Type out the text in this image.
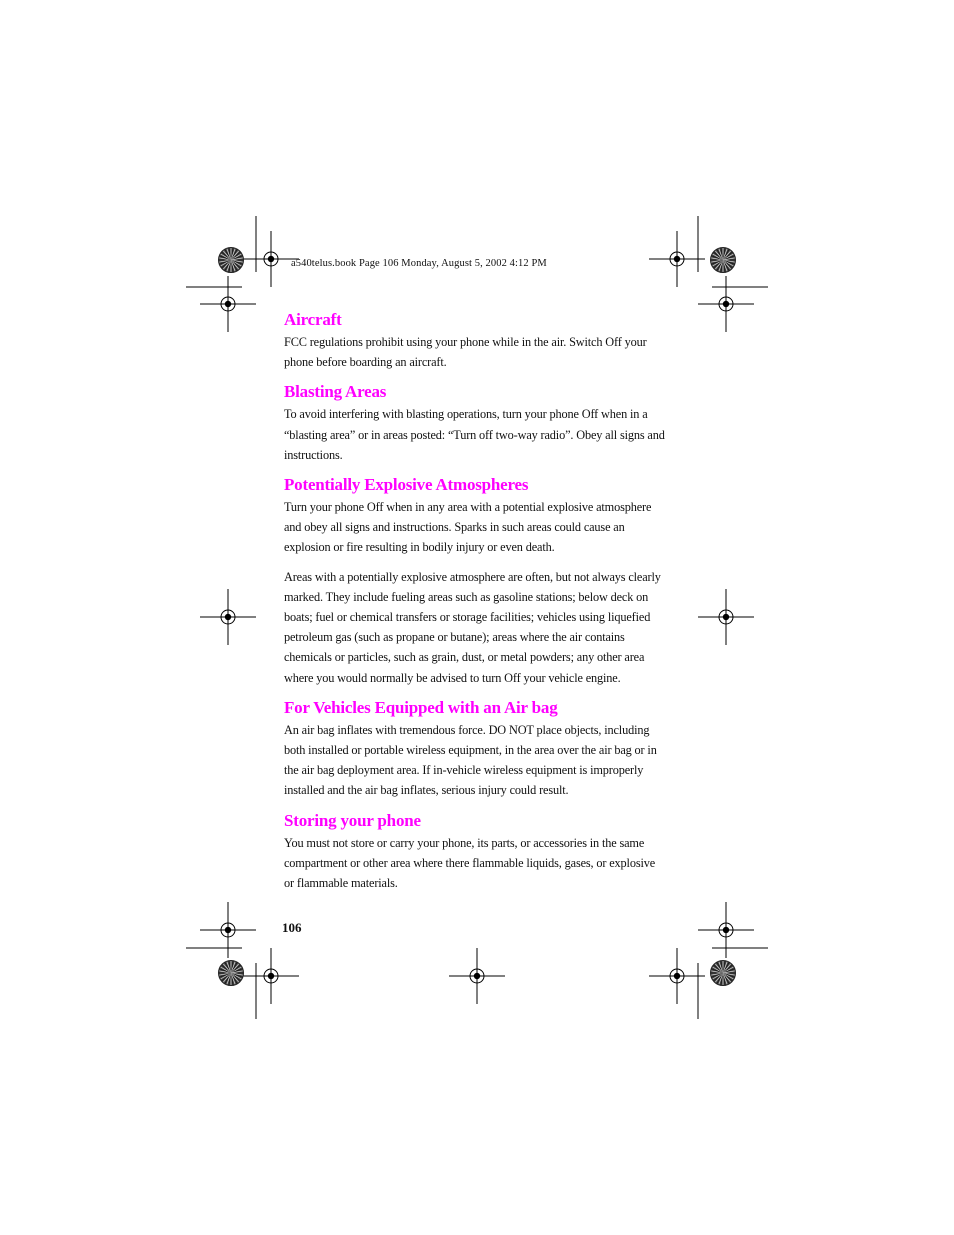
a540telus.book Page 106 Monday, August 5, 2002 4:12 PM
Aircraft

FCC regulations prohibit using your phone while in the air. Switch Off your phone before boarding an aircraft.

Blasting Areas

To avoid interfering with blasting operations, turn your phone Off when in a “blasting area” or in areas posted: “Turn off two-way radio”. Obey all signs and instructions.

Potentially Explosive Atmospheres

Turn your phone Off when in any area with a potential explosive atmosphere and obey all signs and instructions. Sparks in such areas could cause an explosion or fire resulting in bodily injury or even death.

Areas with a potentially explosive atmosphere are often, but not always clearly marked. They include fueling areas such as gasoline stations; below deck on boats; fuel or chemical transfers or storage facilities; vehicles using liquefied petroleum gas (such as propane or butane); areas where the air contains chemicals or particles, such as grain, dust, or metal powders; any other area where you would normally be advised to turn Off your vehicle engine.

For Vehicles Equipped with an Air bag

An air bag inflates with tremendous force. DO NOT place objects, including both installed or portable wireless equipment, in the area over the air bag or in the air bag deployment area. If in-vehicle wireless equipment is improperly installed and the air bag inflates, serious injury could result.

Storing your phone

You must not store or carry your phone, its parts, or accessories in the same compartment or other area where there flammable liquids, gases, or explosive or flammable materials.

106
